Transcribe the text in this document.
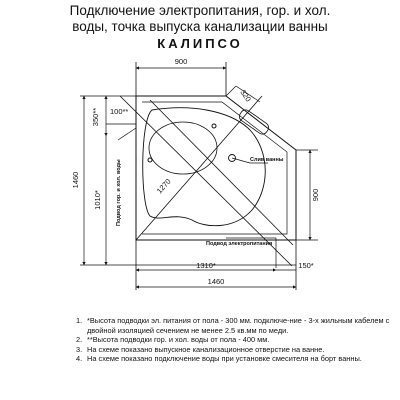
Подключение электропитания, гор. и хол.
воды, точка выпуска канализации ванны
КАЛИПСО
900
320
350** 100**
1460
1010*
1270	900
1310*	150*
1460
Подвод гор. и хол. воды	Слив ванны
Подвод электропитания
1. *Высота подводки эл. питания от пола - 300 мм. подключе-ние - 3-х жильным кабелем с двойной изоляцией сечением не менее 2.5 кв.мм по меди.
2. **Высота подводки гор. и хол. воды от пола - 400 мм.
3. На схеме показано выпускное канализационное отверстие на ванне.
4. На схеме показано подключение воды при установке смесителя на борт ванны.
